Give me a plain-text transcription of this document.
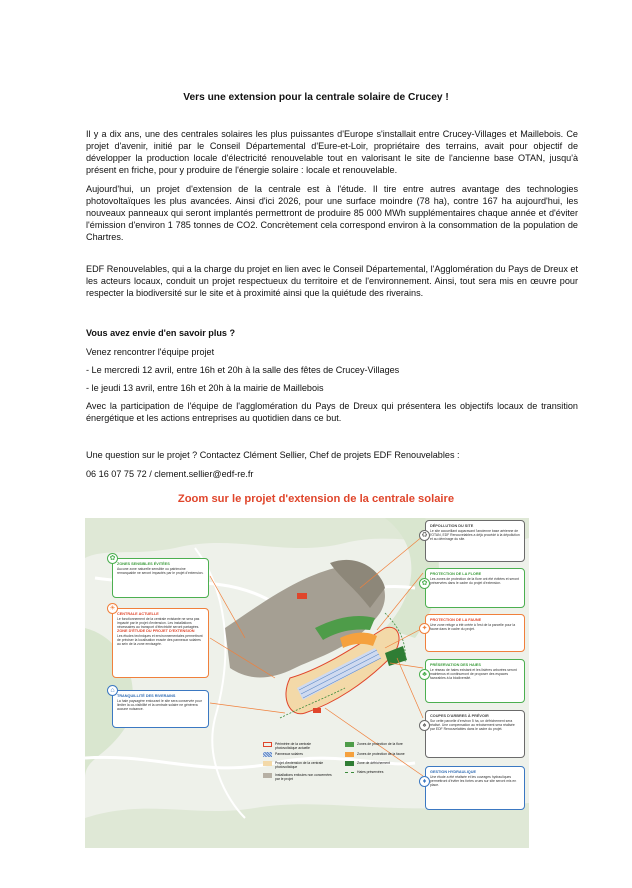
Vers une extension pour la centrale solaire de Crucey !

Il y a dix ans, une des centrales solaires les plus puissantes d'Europe s'installait entre Crucey-Villages et Maillebois. Ce projet d'avenir, initié par le Conseil Départemental d'Eure-et-Loir, propriétaire des terrains, avait pour objectif de développer la production locale d'électricité renouvelable tout en valorisant le site de l'ancienne base OTAN, jusqu'à présent en friche, pour y produire de l'énergie solaire : locale et renouvelable.

Aujourd'hui, un projet d'extension de la centrale est à l'étude. Il tire entre autres avantage des technologies photovoltaïques les plus avancées. Ainsi d'ici 2026, pour une surface moindre (78 ha), contre 167 ha aujourd'hui, les nouveaux panneaux qui seront implantés permettront de produire 85 000 MWh supplémentaires chaque année et d'éviter l'émission d'environ 1 785 tonnes de CO2. Concrètement cela correspond environ à la consommation de la population de Chartres.

EDF Renouvelables, qui a la charge du projet en lien avec le Conseil Départemental, l'Agglomération du Pays de Dreux et les acteurs locaux, conduit un projet respectueux du territoire et de l'environnement. Ainsi, tout sera mis en œuvre pour respecter la biodiversité sur le site et à proximité ainsi que la quiétude des riverains.

Vous avez envie d'en savoir plus ?

Venez rencontrer l'équipe projet

- Le mercredi 12 avril, entre 16h et 20h à la salle des fêtes de Crucey-Villages

- le jeudi 13 avril, entre 16h et 20h à la mairie de Maillebois

Avec la participation de l'équipe de l'agglomération du Pays de Dreux qui présentera les objectifs locaux de transition énergétique et les actions entreprises au quotidien dans ce but.

Une question sur le projet ? Contactez Clément Sellier, Chef de projets EDF Renouvelables :

06 16 07 75 72 / clement.sellier@edf-re.fr

Zoom sur le projet d'extension de la centrale solaire
ZONES SENSIBLES ÉVITÉES
Aucune zone naturelle sensible ou patrimoine remarquable ne seront impactés par le projet d'extension.
✿
CENTRALE ACTUELLE
Le fonctionnement de la centrale existante ne sera pas impacté par le projet d'extension. Les installations nécessaires au transport d'électricité seront partagées.
ZONE D'ÉTUDE DU PROJET D'EXTENSION
Les études techniques et environnementales permettront de préciser la localisation exacte des panneaux solaires au sein de la zone envisagée.
☀
TRANQUILLITÉ DES RIVERAINS
La haie paysagère entourant le site sera conservée pour limiter la co-visibilité et la centrale solaire ne générera aucune nuisance.
⌂
DÉPOLLUTION DU SITE
Le site accueillant auparavant l'ancienne base aérienne de l'OTAN, EDF Renouvelables a déjà procédé à la dépollution et au déminage du site.
♻
PROTECTION DE LA FLORE
Les zones de protection de la flore ont été évitées et seront préservées dans le cadre du projet d'extension.
✿
PROTECTION DE LA FAUNE
Une zone refuge a été créée à l'est de la parcelle pour la faune dans le cadre du projet.
✦
PRÉSERVATION DES HAIES
Le réseau de haies existant et les lisières arborées seront maintenus et continueront de proposer des espaces favorables à la biodiversité.
♣
COUPES D'ARBRES À PRÉVOIR
Sur cette parcelle d'environ 5 ha, un défrichement sera réalisé. Une compensation au reboisement sera réalisée par EDF Renouvelables dans le cadre du projet.
♠
GESTION HYDRAULIQUE
Une étude a été réalisée et les ouvrages hydrauliques permettront d'éviter les fortes crues sur site seront mis en place.
♦
Périmètre de la centrale photovoltaïque actuelle
Panneaux solaires
Projet d'extension de la centrale photovoltaïque
Installations enfouies non concernées par le projet
Zones de protection de la flore
Zones de protection de la faune
Zone de défrichement
Haies préservées
